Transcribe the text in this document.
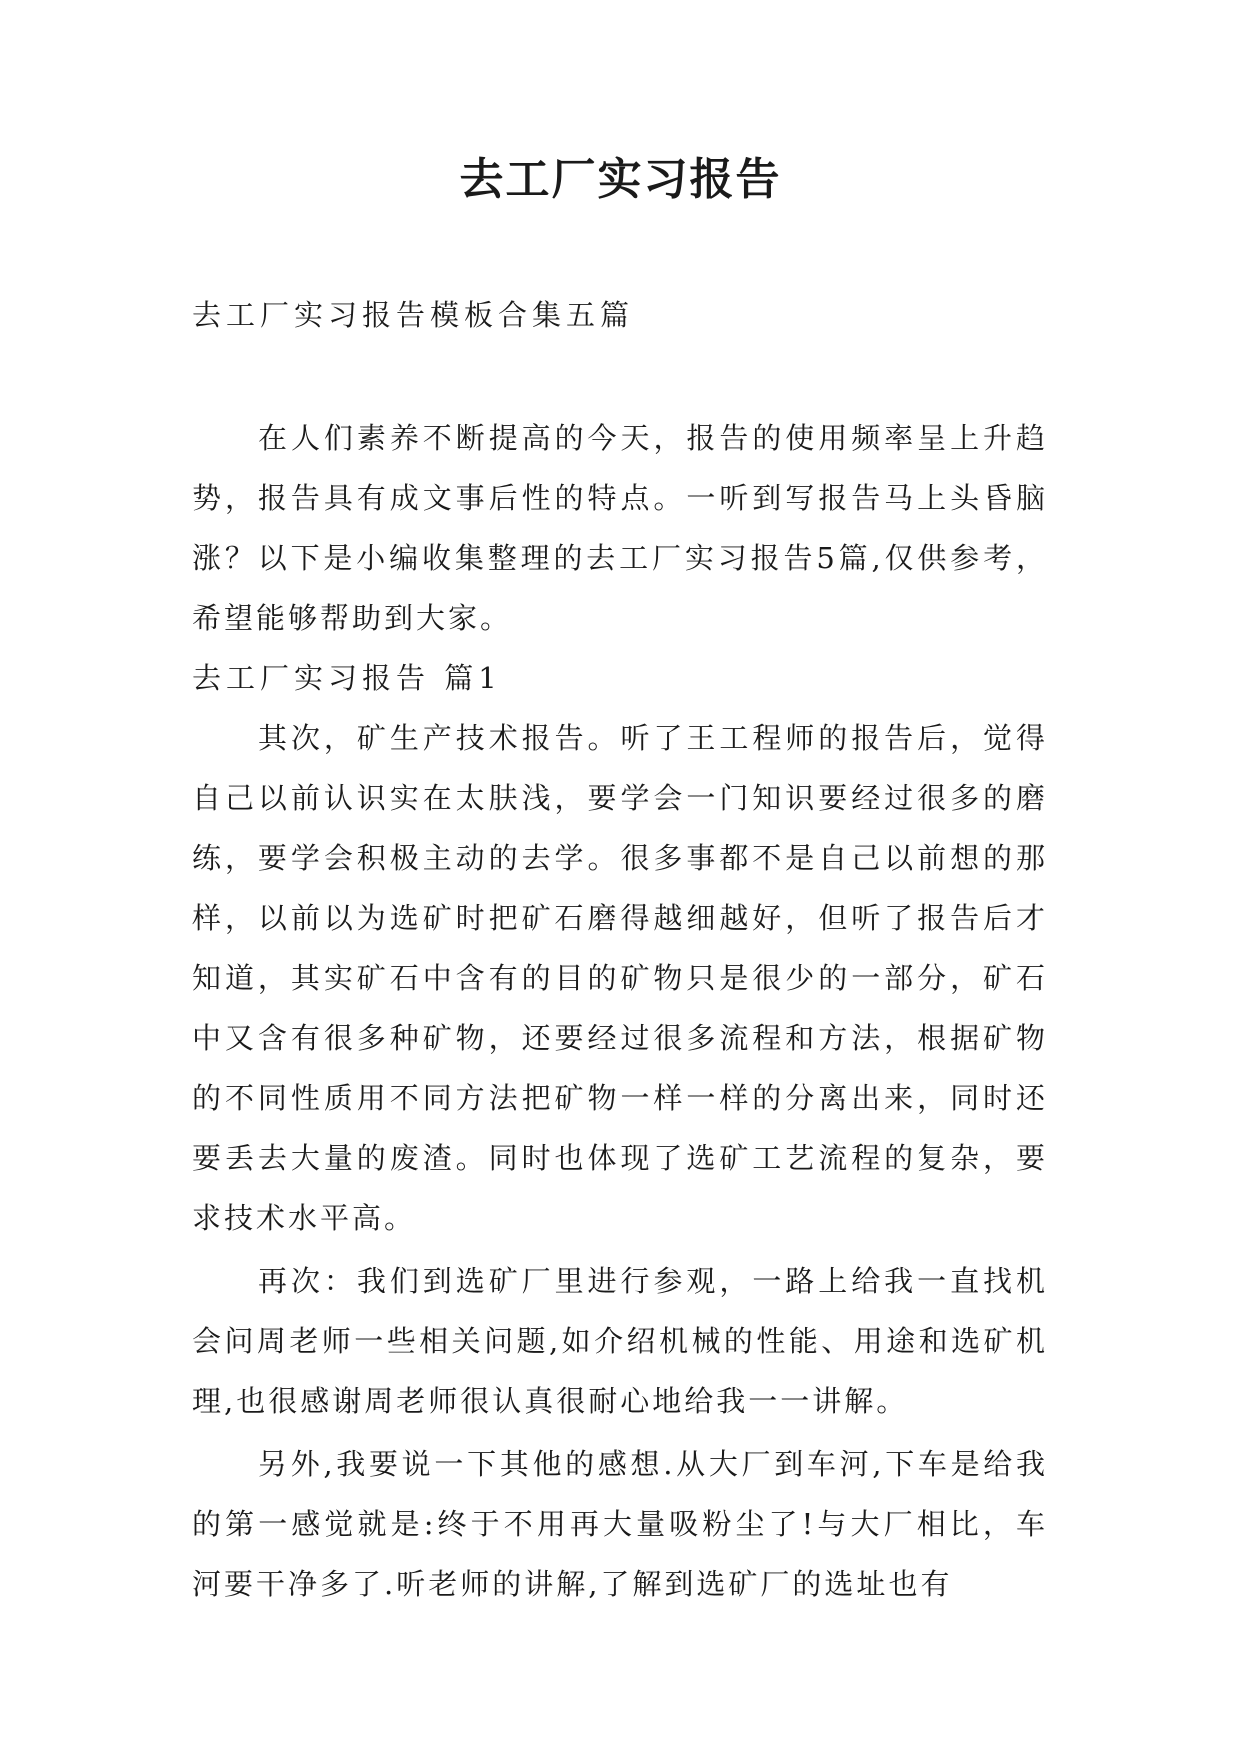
去工厂实习报告

去工厂实习报告模板合集五篇

在人们素养不断提高的今天，报告的使用频率呈上升趋势，报告具有成文事后性的特点。一听到写报告马上头昏脑涨？以下是小编收集整理的去工厂实习报告5篇,仅供参考，希望能够帮助到大家。

去工厂实习报告 篇1

其次，矿生产技术报告。听了王工程师的报告后，觉得自己以前认识实在太肤浅，要学会一门知识要经过很多的磨练，要学会积极主动的去学。很多事都不是自己以前想的那样，以前以为选矿时把矿石磨得越细越好，但听了报告后才知道，其实矿石中含有的目的矿物只是很少的一部分，矿石中又含有很多种矿物，还要经过很多流程和方法，根据矿物的不同性质用不同方法把矿物一样一样的分离出来，同时还要丢去大量的废渣。同时也体现了选矿工艺流程的复杂，要求技术水平高。

再次：我们到选矿厂里进行参观，一路上给我一直找机会问周老师一些相关问题,如介绍机械的性能、用途和选矿机理,也很感谢周老师很认真很耐心地给我一一讲解。

另外,我要说一下其他的感想.从大厂到车河,下车是给我的第一感觉就是:终于不用再大量吸粉尘了!与大厂相比，车河要干净多了.听老师的讲解,了解到选矿厂的选址也有
